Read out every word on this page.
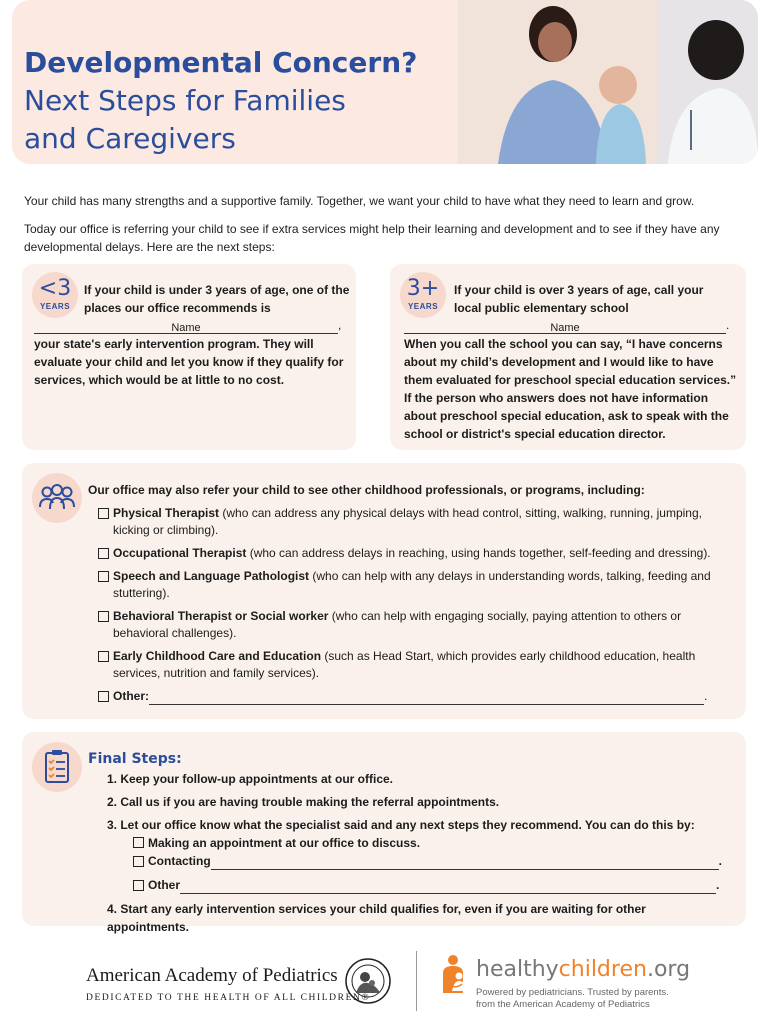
Developmental Concern?
Next Steps for Families
and Caregivers

Your child has many strengths and a supportive family. Together, we want your child to have what they need to learn and grow.

Today our office is referring your child to see if extra services might help their learning and development and to see if they have any developmental delays. Here are the next steps:

<3
YEARS
If your child is under 3 years of age, one of the
places our office recommends is
,
Name
your state's early intervention program. They will evaluate your child and let you know if they qualify for services, which would be at little to no cost.
3+
YEARS
If your child is over 3 years of age, call your
local public elementary school
.
Name
When you call the school you can say, “I have concerns about my child’s development and I would like to have them evaluated for preschool special education services.” If the person who answers does not have information about preschool special education, ask to speak with the school or district's special education director.
Our office may also refer your child to see other childhood professionals, or programs, including:
Physical Therapist (who can address any physical delays with head control, sitting, walking, running, jumping, kicking or climbing).
Occupational Therapist (who can address delays in reaching, using hands together, self-feeding and dressing).
Speech and Language Pathologist (who can help with any delays in understanding words, talking, feeding and stuttering).
Behavioral Therapist or Social worker (who can help with engaging socially, paying attention to others or behavioral challenges).
Early Childhood Care and Education (such as Head Start, which provides early childhood education, health services, nutrition and family services).
Other:	.
Final Steps:
1. Keep your follow-up appointments at our office.
2. Call us if you are having trouble making the referral appointments.
3. Let our office know what the specialist said and any next steps they recommend. You can do this by:
Making an appointment at our office to discuss.
Contacting	.
Other	.
4. Start any early intervention services your child qualifies for, even if you are waiting for other appointments.
American Academy of Pediatrics
DEDICATED TO THE HEALTH OF ALL CHILDREN®
healthychildren.org
Powered by pediatricians. Trusted by parents.
from the American Academy of Pediatrics
